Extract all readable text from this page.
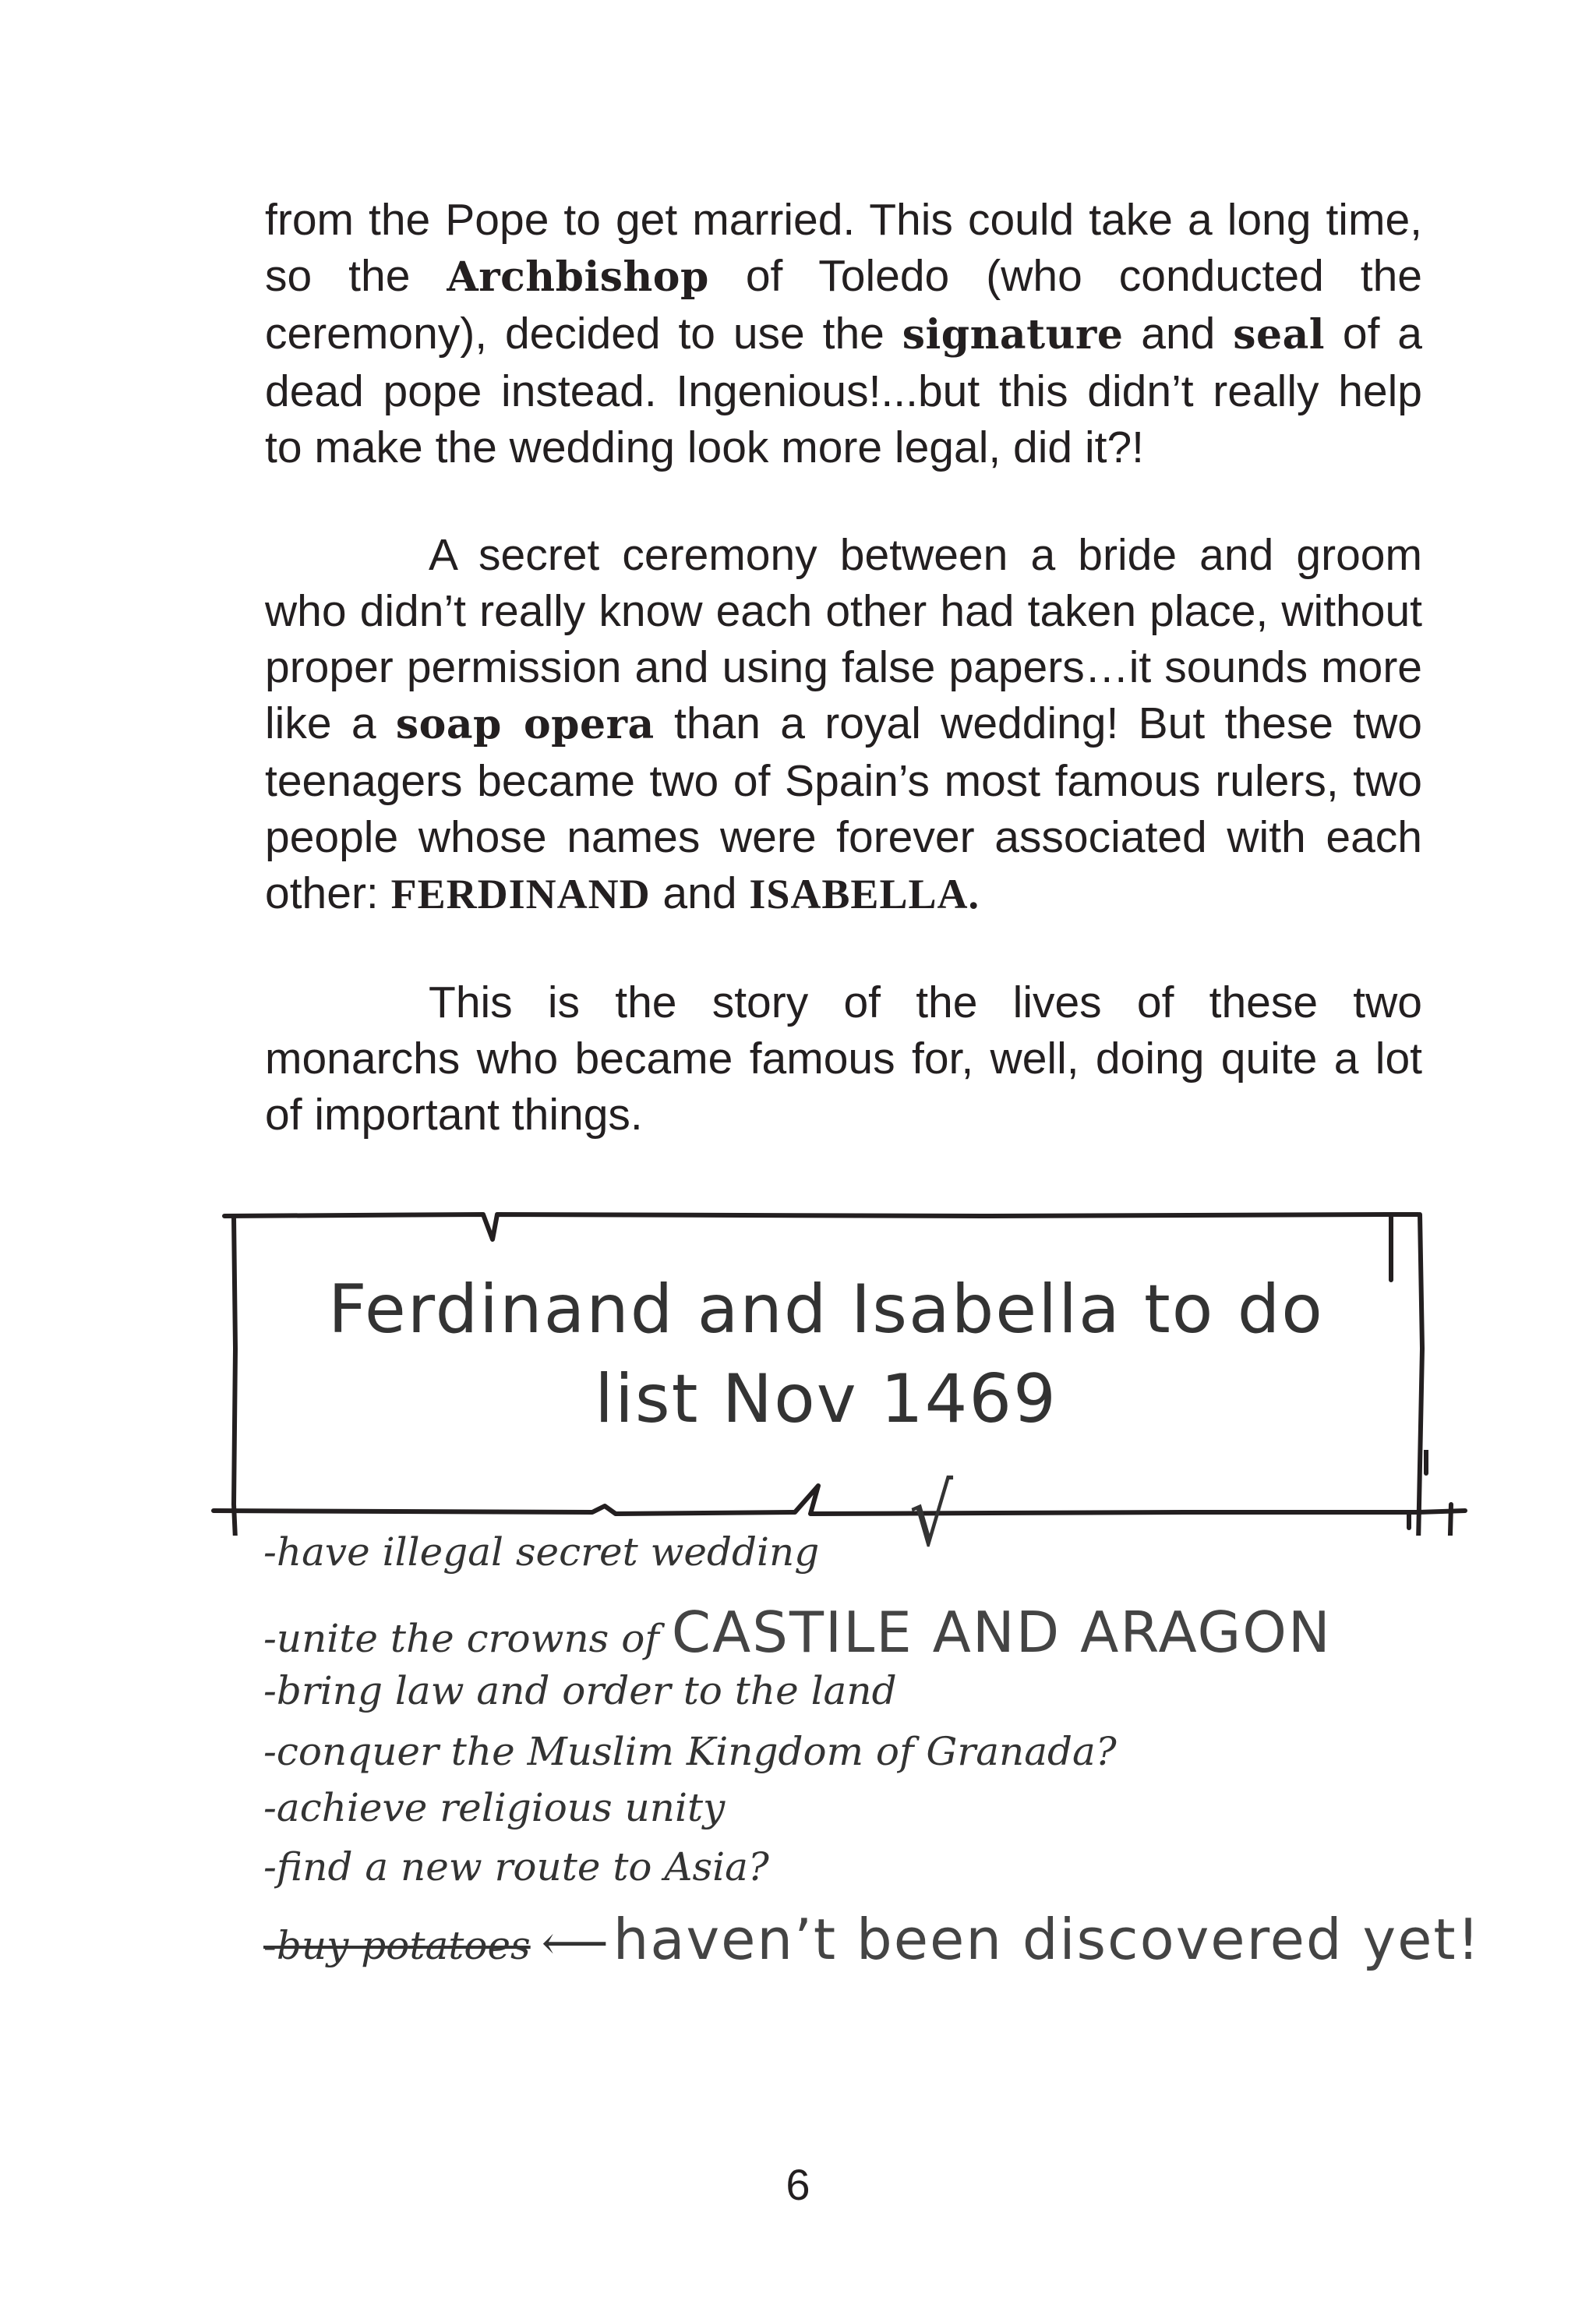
from the Pope to get married. This could take a long time, so the Archbishop of Toledo (who conducted the ceremony), decided to use the signature and seal of a dead pope instead. Ingenious!...but this didn’t really help to make the wedding look more legal, did it?!

A secret ceremony between a bride and groom who didn’t really know each other had taken place, without proper permission and using false papers…it sounds more like a soap opera than a royal wedding! But these two teenagers became two of Spain’s most famous rulers, two people whose names were forever associated with each other: FERDINAND and ISABELLA.

This is the story of the lives of these two monarchs who became famous for, well, doing quite a lot of important things.

Ferdinand and Isabella to do
list Nov 1469

-have illegal secret wedding √

-unite the crowns of CASTILE AND ARAGON

-bring law and order to the land

-conquer the Muslim Kingdom of Granada?

-achieve religious unity

-find a new route to Asia?

-buy potatoes ⟵haven’t been discovered yet!

6
